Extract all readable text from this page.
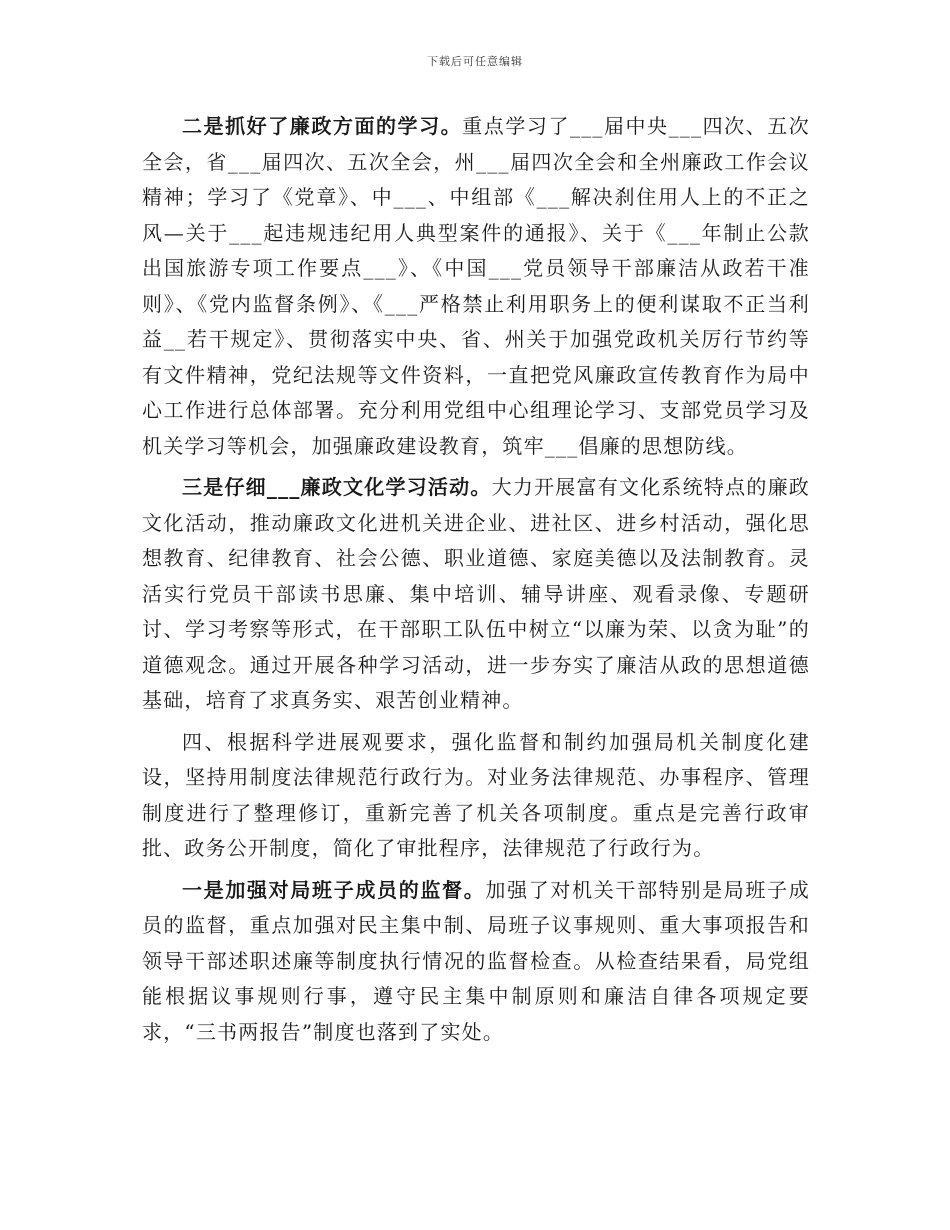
下载后可任意编辑

二是抓好了廉政方面的学习。重点学习了___届中央___四次、五次全会，省___届四次、五次全会，州___届四次全会和全州廉政工作会议精神；学习了《党章》、中___、中组部《___解决刹住用人上的不正之风—关于___起违规违纪用人典型案件的通报》、关于《___年制止公款出国旅游专项工作要点___》、《中国___党员领导干部廉洁从政若干准则》、《党内监督条例》、《___严格禁止利用职务上的便利谋取不正当利益__若干规定》、贯彻落实中央、省、州关于加强党政机关厉行节约等有文件精神，党纪法规等文件资料，一直把党风廉政宣传教育作为局中心工作进行总体部署。充分利用党组中心组理论学习、支部党员学习及机关学习等机会，加强廉政建设教育，筑牢___倡廉的思想防线。

三是仔细___廉政文化学习活动。大力开展富有文化系统特点的廉政文化活动，推动廉政文化进机关进企业、进社区、进乡村活动，强化思想教育、纪律教育、社会公德、职业道德、家庭美德以及法制教育。灵活实行党员干部读书思廉、集中培训、辅导讲座、观看录像、专题研讨、学习考察等形式，在干部职工队伍中树立“以廉为荣、以贪为耻”的道德观念。通过开展各种学习活动，进一步夯实了廉洁从政的思想道德基础，培育了求真务实、艰苦创业精神。

四、根据科学进展观要求，强化监督和制约加强局机关制度化建设，坚持用制度法律规范行政行为。对业务法律规范、办事程序、管理制度进行了整理修订，重新完善了机关各项制度。重点是完善行政审批、政务公开制度，简化了审批程序，法律规范了行政行为。

一是加强对局班子成员的监督。加强了对机关干部特别是局班子成员的监督，重点加强对民主集中制、局班子议事规则、重大事项报告和领导干部述职述廉等制度执行情况的监督检查。从检查结果看，局党组能根据议事规则行事，遵守民主集中制原则和廉洁自律各项规定要求，“三书两报告”制度也落到了实处。
